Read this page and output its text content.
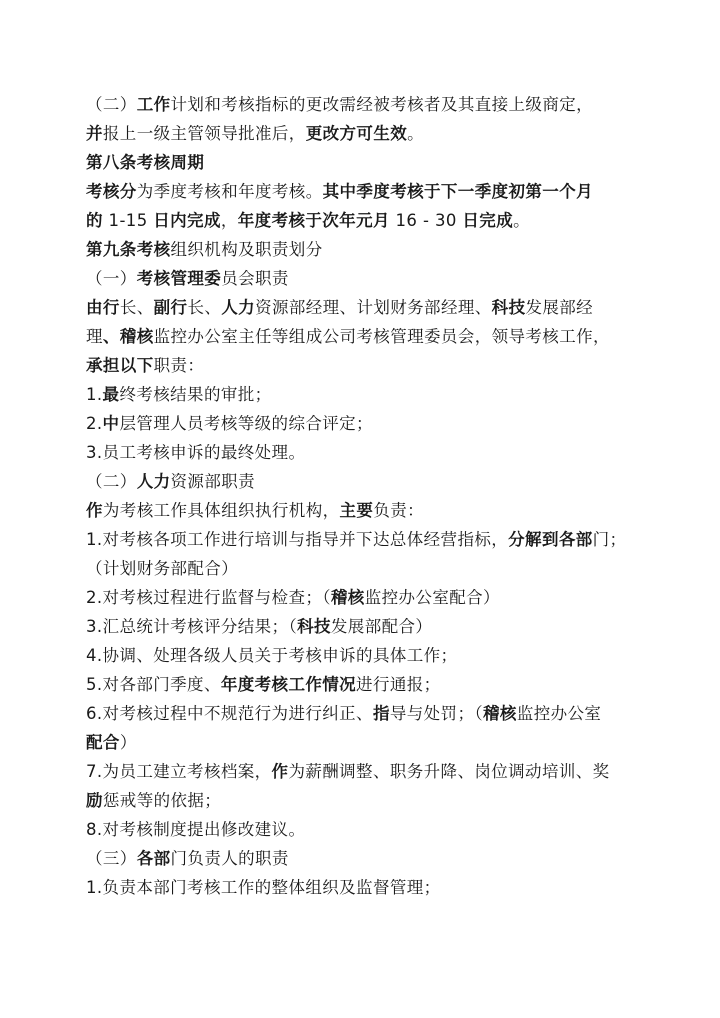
（二）工作计划和考核指标的更改需经被考核者及其直接上级商定，
并报上一级主管领导批准后，更改方可生效。
第八条考核周期
考核分为季度考核和年度考核。其中季度考核于下一季度初第一个月
的 1-15 日内完成，年度考核于次年元月 16 - 30 日完成。
第九条考核组织机构及职责划分
（一）考核管理委员会职责
由行长、副行长、人力资源部经理、计划财务部经理、科技发展部经
理、稽核监控办公室主任等组成公司考核管理委员会，领导考核工作，
承担以下职责：
1.最终考核结果的审批；
2.中层管理人员考核等级的综合评定；
3.员工考核申诉的最终处理。
（二）人力资源部职责
作为考核工作具体组织执行机构，主要负责：
1.对考核各项工作进行培训与指导并下达总体经营指标，分解到各部门；
（计划财务部配合）
2.对考核过程进行监督与检查；（稽核监控办公室配合）
3.汇总统计考核评分结果；（科技发展部配合）
4.协调、处理各级人员关于考核申诉的具体工作；
5.对各部门季度、年度考核工作情况进行通报；
6.对考核过程中不规范行为进行纠正、指导与处罚；（稽核监控办公室
配合）
7.为员工建立考核档案，作为薪酬调整、职务升降、岗位调动培训、奖
励惩戒等的依据；
8.对考核制度提出修改建议。
（三）各部门负责人的职责
1.负责本部门考核工作的整体组织及监督管理；
